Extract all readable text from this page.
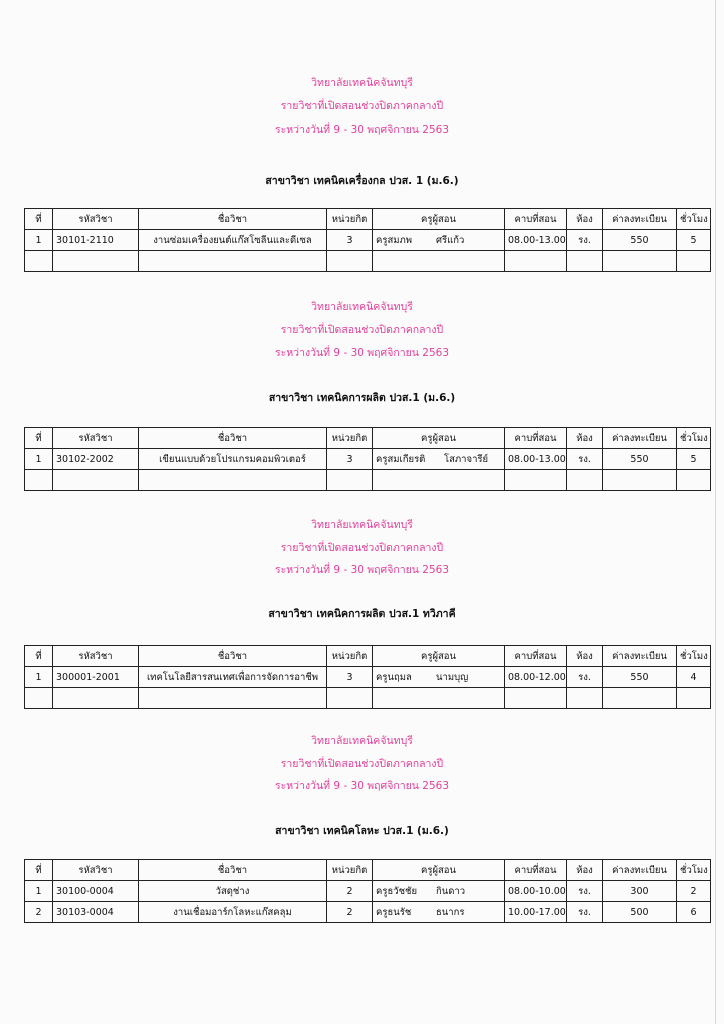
วิทยาลัยเทคนิคจันทบุรี
รายวิชาที่เปิดสอนช่วงปิดภาคกลางปี
ระหว่างวันที่ 9 - 30 พฤศจิกายน 2563
สาขาวิชา เทคนิคเครื่องกล ปวส. 1 (ม.6.)
ที่	รหัสวิชา	ชื่อวิชา	หน่วยกิต	ครูผู้สอน	คาบที่สอน	ห้อง	ค่าลงทะเบียน	ชั่วโมง
1	30101-2110	งานซ่อมเครื่องยนต์แก๊สโซลีนและดีเซล	3	ครูสมภพ ศรีแก้ว	08.00-13.00	รง.	550	5

วิทยาลัยเทคนิคจันทบุรี
รายวิชาที่เปิดสอนช่วงปิดภาคกลางปี
ระหว่างวันที่ 9 - 30 พฤศจิกายน 2563
สาขาวิชา เทคนิคการผลิต ปวส.1 (ม.6.)
ที่	รหัสวิชา	ชื่อวิชา	หน่วยกิต	ครูผู้สอน	คาบที่สอน	ห้อง	ค่าลงทะเบียน	ชั่วโมง
1	30102-2002	เขียนแบบด้วยโปรแกรมคอมพิวเตอร์	3	ครูสมเกียรติ โสภาจารีย์	08.00-13.00	รง.	550	5

วิทยาลัยเทคนิคจันทบุรี
รายวิชาที่เปิดสอนช่วงปิดภาคกลางปี
ระหว่างวันที่ 9 - 30 พฤศจิกายน 2563
สาขาวิชา เทคนิคการผลิต ปวส.1 ทวิภาคี
ที่	รหัสวิชา	ชื่อวิชา	หน่วยกิต	ครูผู้สอน	คาบที่สอน	ห้อง	ค่าลงทะเบียน	ชั่วโมง
1	300001-2001	เทคโนโลยีสารสนเทศเพื่อการจัดการอาชีพ	3	ครูนฤมล นามบุญ	08.00-12.00	รง.	550	4

วิทยาลัยเทคนิคจันทบุรี
รายวิชาที่เปิดสอนช่วงปิดภาคกลางปี
ระหว่างวันที่ 9 - 30 พฤศจิกายน 2563
สาขาวิชา เทคนิคโลหะ ปวส.1 (ม.6.)
ที่	รหัสวิชา	ชื่อวิชา	หน่วยกิต	ครูผู้สอน	คาบที่สอน	ห้อง	ค่าลงทะเบียน	ชั่วโมง
1	30100-0004	วัสดุช่าง	2	ครูธวัชชัย กินดาว	08.00-10.00	รง.	300	2
2	30103-0004	งานเชื่อมอาร์กโลหะแก๊สคลุม	2	ครูธนรัช ธนากร	10.00-17.00	รง.	500	6
